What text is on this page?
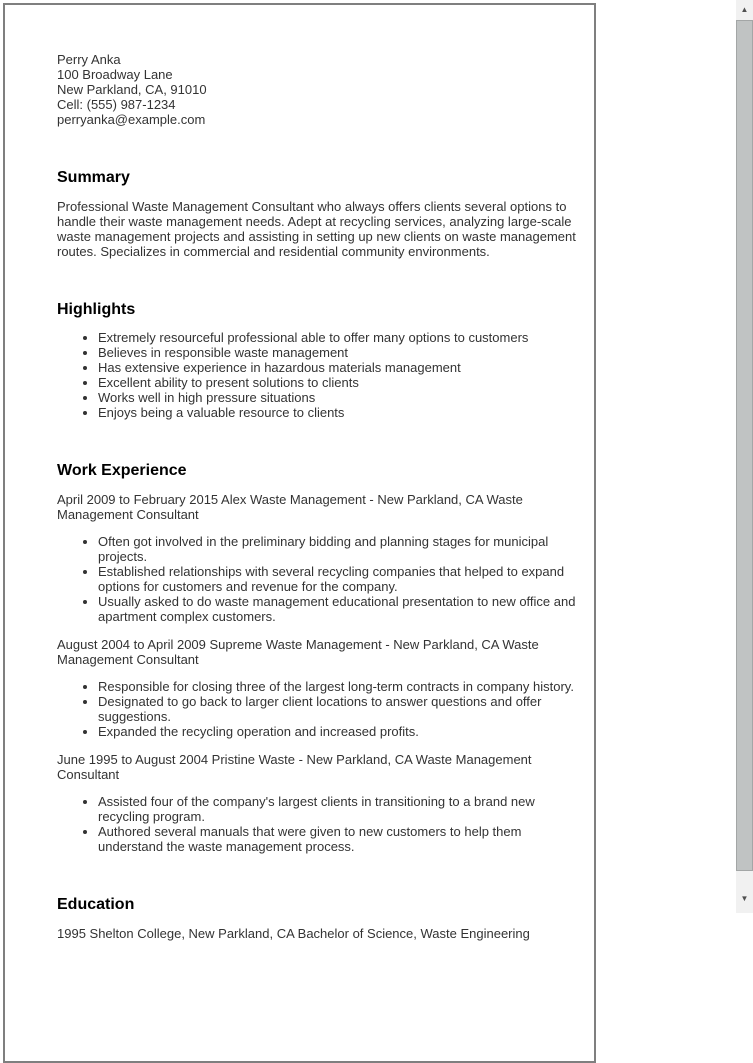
Perry Anka
100 Broadway Lane
New Parkland, CA, 91010
Cell: (555) 987-1234
perryanka@example.com
Summary

Professional Waste Management Consultant who always offers clients several options to handle their waste management needs. Adept at recycling services, analyzing large-scale waste management projects and assisting in setting up new clients on waste management routes. Specializes in commercial and residential community environments.

Highlights
• Extremely resourceful professional able to offer many options to customers
• Believes in responsible waste management
• Has extensive experience in hazardous materials management
• Excellent ability to present solutions to clients
• Works well in high pressure situations
• Enjoys being a valuable resource to clients
Work Experience

April 2009 to February 2015 Alex Waste Management - New Parkland, CA Waste Management Consultant

• Often got involved in the preliminary bidding and planning stages for municipal projects.
• Established relationships with several recycling companies that helped to expand options for customers and revenue for the company.
• Usually asked to do waste management educational presentation to new office and apartment complex customers.

August 2004 to April 2009 Supreme Waste Management - New Parkland, CA Waste Management Consultant

• Responsible for closing three of the largest long-term contracts in company history.
• Designated to go back to larger client locations to answer questions and offer suggestions.
• Expanded the recycling operation and increased profits.

June 1995 to August 2004 Pristine Waste - New Parkland, CA Waste Management Consultant

• Assisted four of the company's largest clients in transitioning to a brand new recycling program.
• Authored several manuals that were given to new customers to help them understand the waste management process.
Education

1995 Shelton College, New Parkland, CA Bachelor of Science, Waste Engineering

▲
▼
